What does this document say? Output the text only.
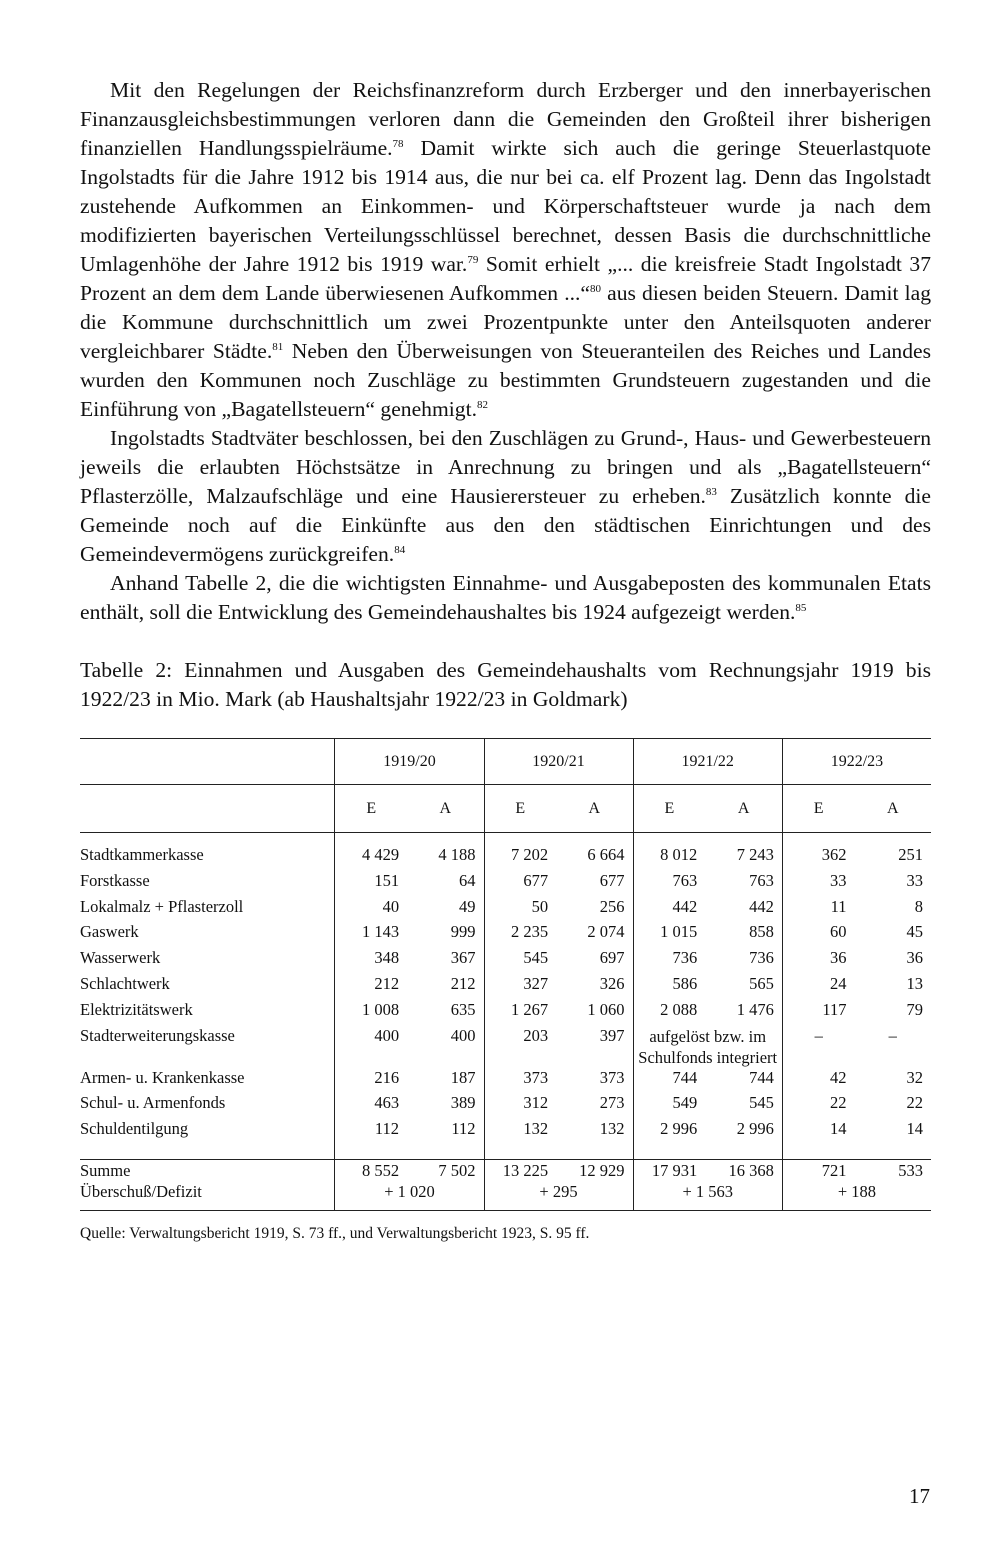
Mit den Regelungen der Reichsfinanzreform durch Erzberger und den innerbayerischen Finanzausgleichsbestimmungen verloren dann die Gemeinden den Großteil ihrer bisherigen finanziellen Handlungsspielräume.$^{78}$ Damit wirkte sich auch die geringe Steuerlastquote Ingolstadts für die Jahre 1912 bis 1914 aus, die nur bei ca. elf Prozent lag. Denn das Ingolstadt zustehende Aufkommen an Einkommen- und Körperschaftsteuer wurde ja nach dem modifizierten bayerischen Verteilungsschlüssel berechnet, dessen Basis die durchschnittliche Umlagenhöhe der Jahre 1912 bis 1919 war.$^{79}$ Somit erhielt „... die kreisfreie Stadt Ingolstadt 37 Prozent an dem dem Lande überwiesenen Aufkommen ...“$^{80}$ aus diesen beiden Steuern. Damit lag die Kommune durchschnittlich um zwei Prozentpunkte unter den Anteilsquoten anderer vergleichbarer Städte.$^{81}$ Neben den Überweisungen von Steueranteilen des Reiches und Landes wurden den Kommunen noch Zuschläge zu bestimmten Grundsteuern zugestanden und die Einführung von „Bagatellsteuern“ genehmigt.$^{82}$

Ingolstadts Stadtväter beschlossen, bei den Zuschlägen zu Grund-, Haus- und Gewerbesteuern jeweils die erlaubten Höchstsätze in Anrechnung zu bringen und als „Bagatellsteuern“ Pflasterzölle, Malzaufschläge und eine Hausierersteuer zu erheben.$^{83}$ Zusätzlich konnte die Gemeinde noch auf die Einkünfte aus den den städtischen Einrichtungen und des Gemeindevermögens zurückgreifen.$^{84}$

Anhand Tabelle 2, die die wichtigsten Einnahme- und Ausgabeposten des kommunalen Etats enthält, soll die Entwicklung des Gemeindehaushaltes bis 1924 aufgezeigt werden.$^{85}$

Tabelle 2: Einnahmen und Ausgaben des Gemeindehaushalts vom Rechnungsjahr 1919 bis 1922/23 in Mio. Mark (ab Haushaltsjahr 1922/23 in Goldmark)
	1919/20		1920/21		1921/22		1922/23	
	E	A	E	A	E	A	E	A
Stadtkammerkasse	4 429	4 188	7 202	6 664	8 012	7 243	362	251
Forstkasse	151	64	677	677	763	763	33	33
Lokalmalz + Pflasterzoll	40	49	50	256	442	442	11	8
Gaswerk	1 143	999	2 235	2 074	1 015	858	60	45
Wasserwerk	348	367	545	697	736	736	36	36
Schlachtwerk	212	212	327	326	586	565	24	13
Elektrizitätswerk	1 008	635	1 267	1 060	2 088	1 476	117	79
Stadterweiterungskasse	400	400	203	397	aufgelöst bzw. im Schulfonds integriert		–	–
Armen- u. Krankenkasse	216	187	373	373	744	744	42	32
Schul- u. Armenfonds	463	389	312	273	549	545	22	22
Schuldentilgung	112	112	132	132	2 996	2 996	14	14
Summe	8 552	7 502	13 225	12 929	17 931	16 368	721	533
Überschuß/Defizit	+ 1 020		+ 295		+ 1 563		+ 188	

Quelle: Verwaltungsbericht 1919, S. 73 ff., und Verwaltungsbericht 1923, S. 95 ff.
17
